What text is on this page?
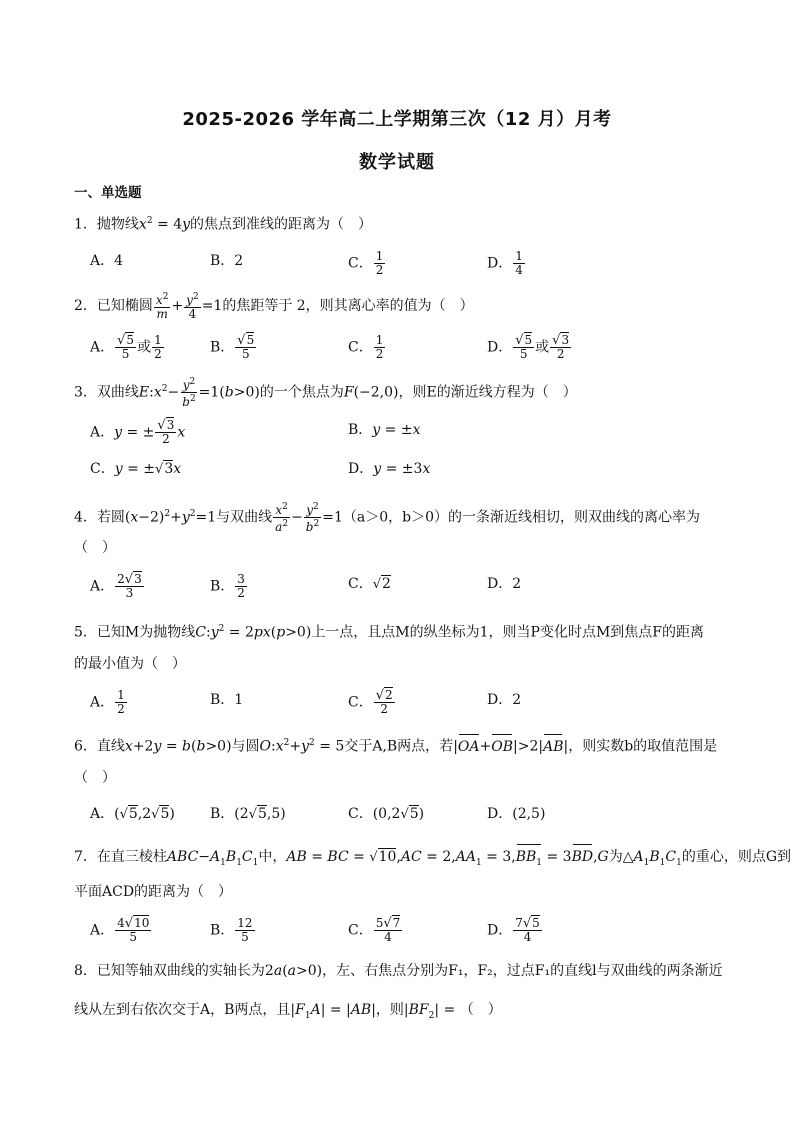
2025-2026 学年高二上学期第三次（12 月）月考
数学试题
一、单选题
1．抛物线$x^2 = 4y$的焦点到准线的距离为（　）
A．4	B．2	C． $\frac{1}{2}$	D． $\frac{1}{4}$
2．已知椭圆 $\frac{x^2}{m} + \frac{y^2}{4} =1$的焦距等于 2，则其离心率的值为（　）
A． $\frac{√5}{5}$ 或 $\frac{1}{2}$	B． $\frac{√5}{5}$	C． $\frac{1}{2}$	D． $\frac{√5}{5}$ 或 $\frac{√3}{2}$
3．双曲线$E:x^2- \frac{y^2}{b^2} =1(b>0)$的一个焦点为F(−2,0)，则E的渐近线方程为（　）
A．y = ± $\frac{√3}{2}$ x	B．y = ±x
C．y = ±√3x	D．y = ±3x
4．若圆$(x-2)^2+y^2=1$与双曲线 $\frac{x^2}{a^2} - \frac{y^2}{b^2} =1(a>0$，b＞0）的一条渐近线相切，则双曲线的离心率为
（　）
A． $\frac{2√3}{3}$	B． $\frac{3}{2}$	C．√2	D．2
5．已知M为抛物线$C:y^2 = 2px(p>0)$上一点，且点M的纵坐标为1，则当P变化时点M到焦点F的距离
的最小值为（　）
A． $\frac{1}{2}$	B．1	C． $\frac{√2}{2}$	D．2
6．直线x+2y = b(b>0)与圆$O:x^2+y^2 = 5$交于A,B两点，若|OA+OB|>2|AB|，则实数b的取值范围是
（　）
A．(√5,2√5)	B．(2√5,5)	C．(0,2√5)	D．(2,5)
7．在直三棱柱$ABC-A_1B_1C_1$中，AB = BC = $√10,AC = 2,AA_1 = 3,BB_1 = 3BD,G$为$\triangle A_1B_1C_1$的重心，则点G到
平面ACD的距离为（　）
A． $\frac{4√10}{5}$	B． $\frac{12}{5}$	C． $\frac{5√7}{4}$	D． $\frac{7√5}{4}$
8．已知等轴双曲线的实轴长为2a(a>0)，左、右焦点分别为F₁，F₂，过点F₁的直线l与双曲线的两条渐近
线从左到右依次交于A，B两点，且$|F_1A| = |AB|$，则$|BF_2|$ = （　）
